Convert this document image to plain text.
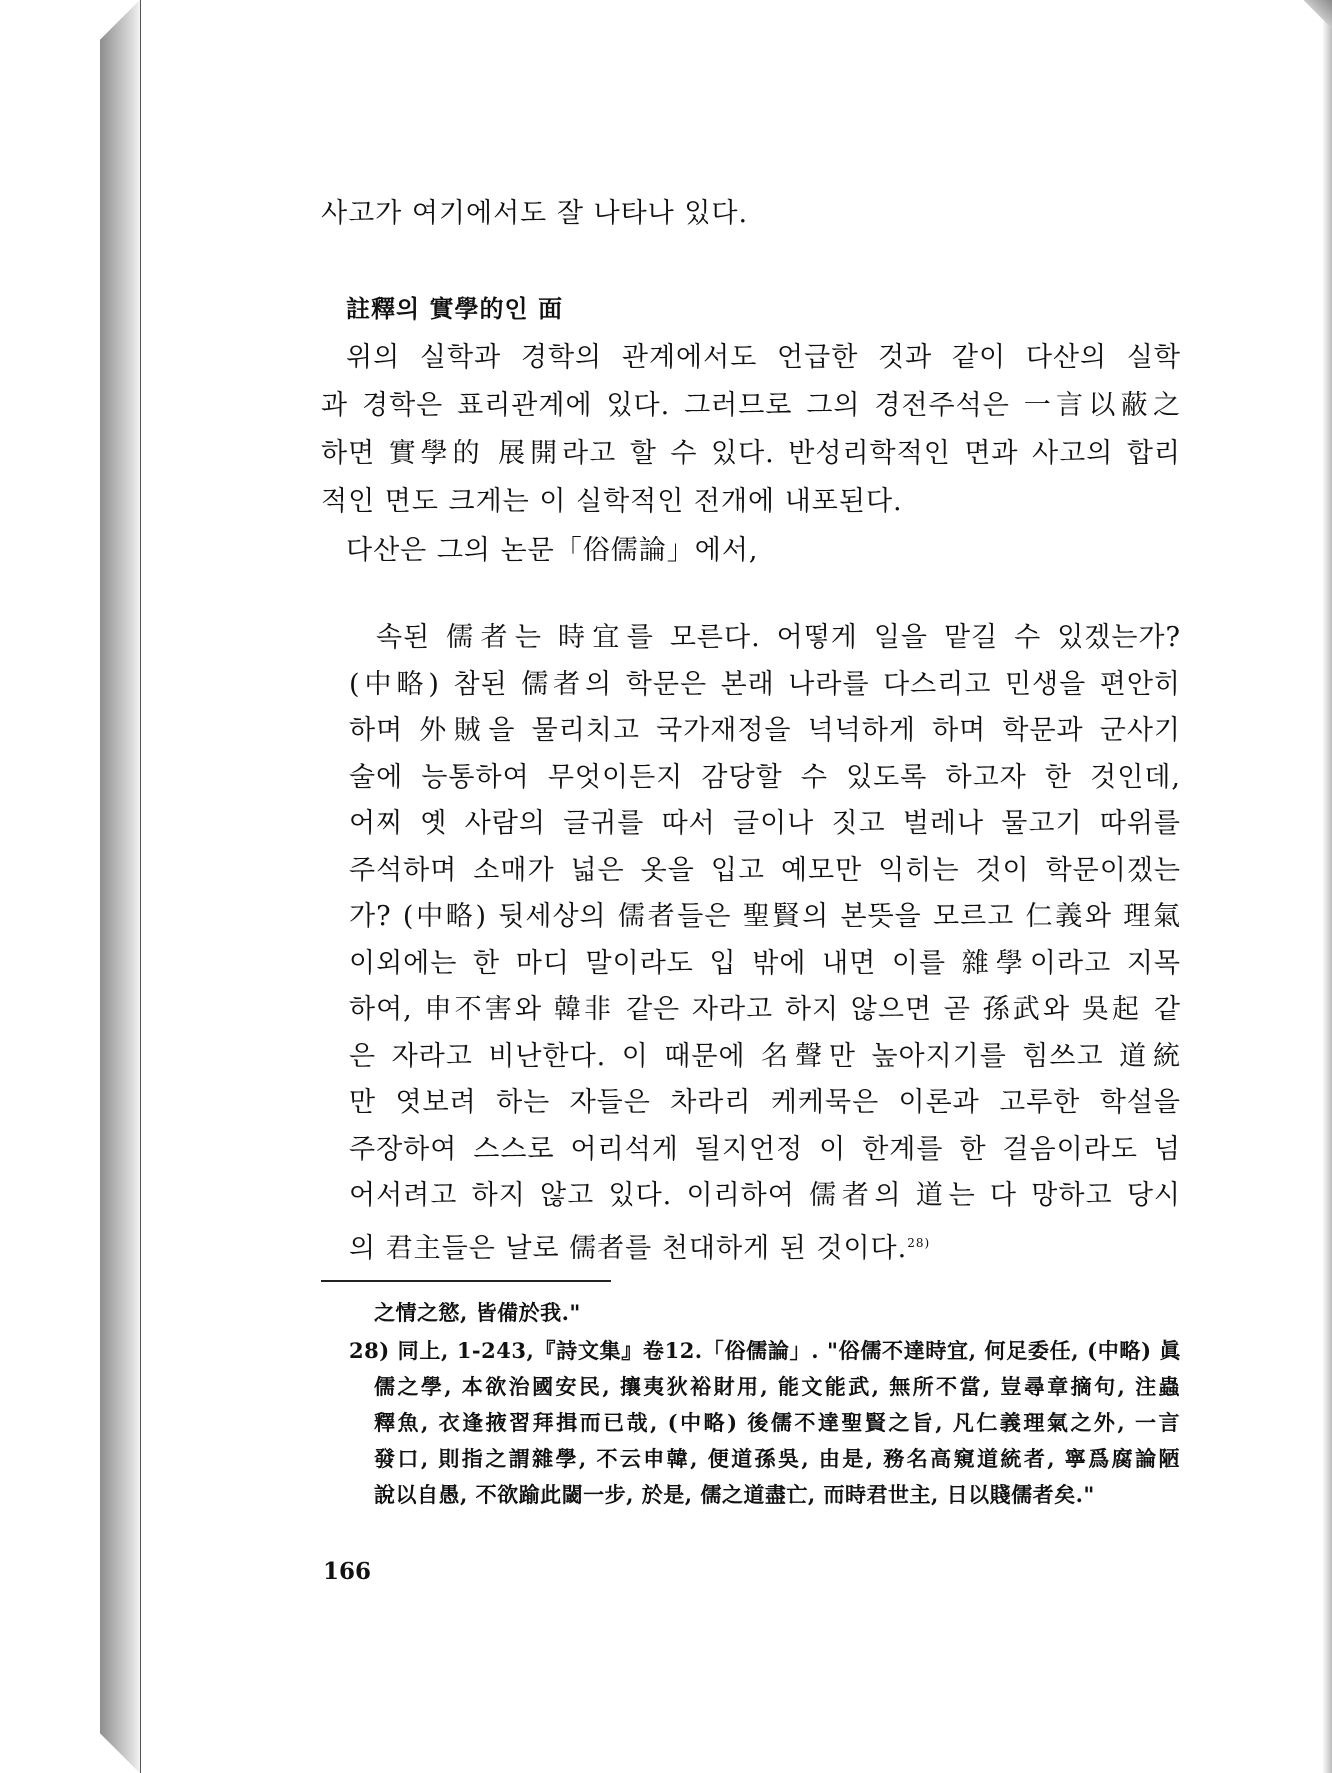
사고가 여기에서도 잘 나타나 있다.
註釋의 實學的인 面
위의 실학과 경학의 관계에서도 언급한 것과 같이 다산의 실학
과 경학은 표리관계에 있다. 그러므로 그의 경전주석은 一言以蔽之
하면 實學的 展開라고 할 수 있다. 반성리학적인 면과 사고의 합리
적인 면도 크게는 이 실학적인 전개에 내포된다.
다산은 그의 논문「俗儒論」에서,
속된 儒者는 時宜를 모른다. 어떻게 일을 맡길 수 있겠는가?
(中略) 참된 儒者의 학문은 본래 나라를 다스리고 민생을 편안히
하며 外賊을 물리치고 국가재정을 넉넉하게 하며 학문과 군사기
술에 능통하여 무엇이든지 감당할 수 있도록 하고자 한 것인데,
어찌 옛 사람의 글귀를 따서 글이나 짓고 벌레나 물고기 따위를
주석하며 소매가 넓은 옷을 입고 예모만 익히는 것이 학문이겠는
가? (中略) 뒷세상의 儒者들은 聖賢의 본뜻을 모르고 仁義와 理氣
이외에는 한 마디 말이라도 입 밖에 내면 이를 雜學이라고 지목
하여, 申不害와 韓非 같은 자라고 하지 않으면 곧 孫武와 吳起 같
은 자라고 비난한다. 이 때문에 名聲만 높아지기를 힘쓰고 道統
만 엿보려 하는 자들은 차라리 케케묵은 이론과 고루한 학설을
주장하여 스스로 어리석게 될지언정 이 한계를 한 걸음이라도 넘
어서려고 하지 않고 있다. 이리하여 儒者의 道는 다 망하고 당시
의 君主들은 날로 儒者를 천대하게 된 것이다.$^{28)}$
之情之慾, 皆備於我."
28) 同上, 1-243,『詩文集』卷12.「俗儒論」. "俗儒不達時宜, 何足委任, (中略) 眞
儒之學, 本欲治國安民, 攘夷狄裕財用, 能文能武, 無所不當, 豈尋章摘句, 注蟲
釋魚, 衣逢掖習拜揖而已哉, (中略) 後儒不達聖賢之旨, 凡仁義理氣之外, 一言
發口, 則指之謂雜學, 不云申韓, 便道孫吳, 由是, 務名高窺道統者, 寧爲腐論陋
說以自愚, 不欲踰此閾一步, 於是, 儒之道盡亡, 而時君世主, 日以賤儒者矣."
166
